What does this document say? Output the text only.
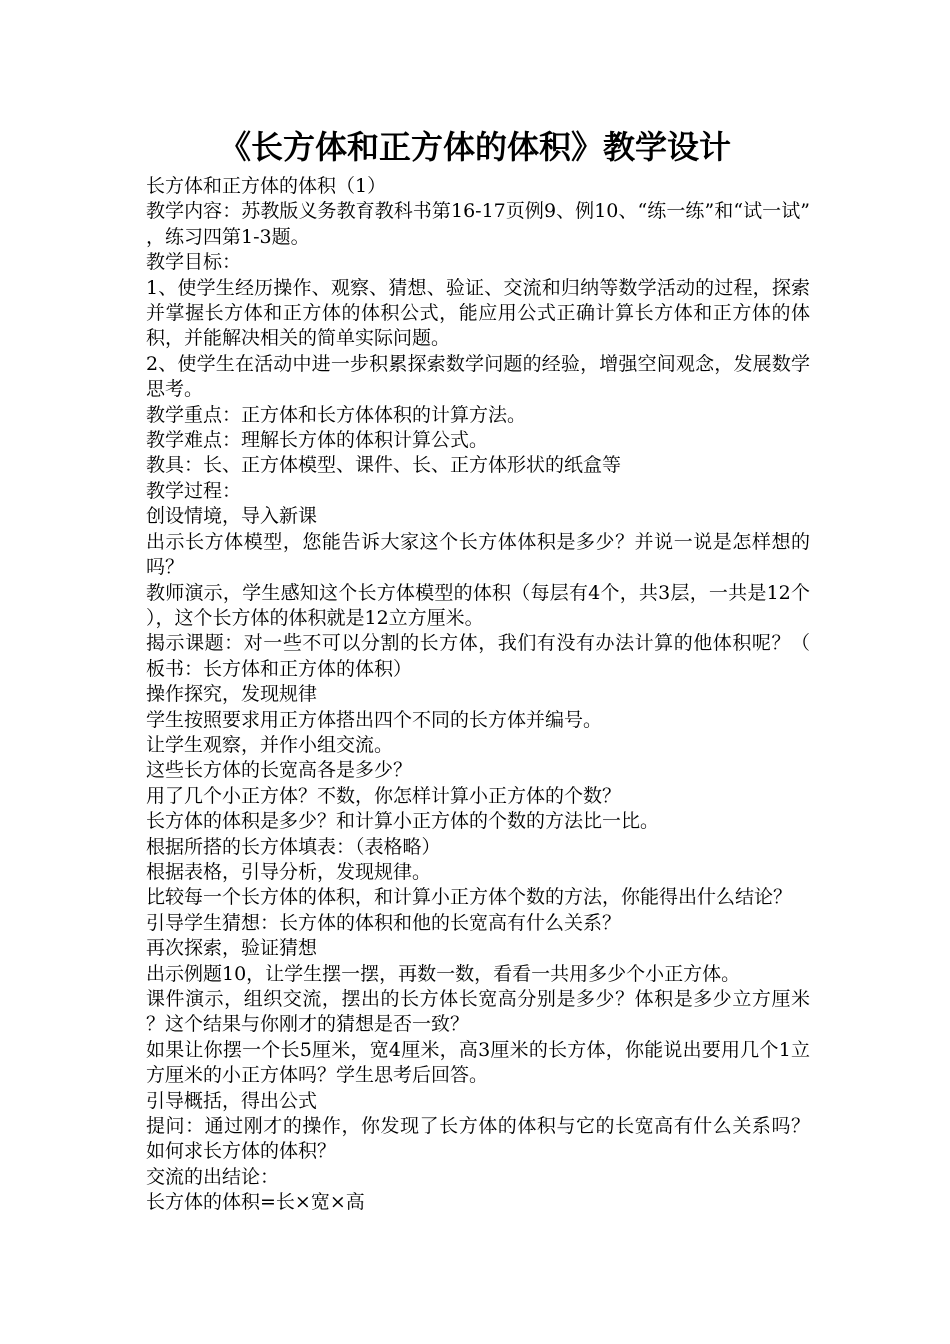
《长方体和正方体的体积》教学设计

长方体和正方体的体积（1）

教学内容：苏教版义务教育教科书第16-17页例9、例10、“练一练”和“试一试”，练习四第1-3题。

教学目标：

1、使学生经历操作、观察、猜想、验证、交流和归纳等数学活动的过程，探索并掌握长方体和正方体的体积公式，能应用公式正确计算长方体和正方体的体积，并能解决相关的简单实际问题。

2、使学生在活动中进一步积累探索数学问题的经验，增强空间观念，发展数学思考。

教学重点：正方体和长方体体积的计算方法。

教学难点：理解长方体的体积计算公式。

教具：长、正方体模型、课件、长、正方体形状的纸盒等

教学过程：

创设情境，导入新课

出示长方体模型，您能告诉大家这个长方体体积是多少？并说一说是怎样想的吗？

教师演示，学生感知这个长方体模型的体积（每层有4个，共3层，一共是12个），这个长方体的体积就是12立方厘米。

揭示课题：对一些不可以分割的长方体，我们有没有办法计算的他体积呢？（板书：长方体和正方体的体积）

操作探究，发现规律

学生按照要求用正方体搭出四个不同的长方体并编号。

让学生观察，并作小组交流。

这些长方体的长宽高各是多少？

用了几个小正方体？不数，你怎样计算小正方体的个数？

长方体的体积是多少？和计算小正方体的个数的方法比一比。

根据所搭的长方体填表：（表格略）

根据表格，引导分析，发现规律。

比较每一个长方体的体积，和计算小正方体个数的方法，你能得出什么结论？

引导学生猜想：长方体的体积和他的长宽高有什么关系？

再次探索，验证猜想

出示例题10，让学生摆一摆，再数一数，看看一共用多少个小正方体。

课件演示，组织交流，摆出的长方体长宽高分别是多少？体积是多少立方厘米？这个结果与你刚才的猜想是否一致？

如果让你摆一个长5厘米，宽4厘米，高3厘米的长方体，你能说出要用几个1立方厘米的小正方体吗？学生思考后回答。

引导概括，得出公式

提问：通过刚才的操作，你发现了长方体的体积与它的长宽高有什么关系吗？如何求长方体的体积？

交流的出结论：

长方体的体积=长×宽×高
